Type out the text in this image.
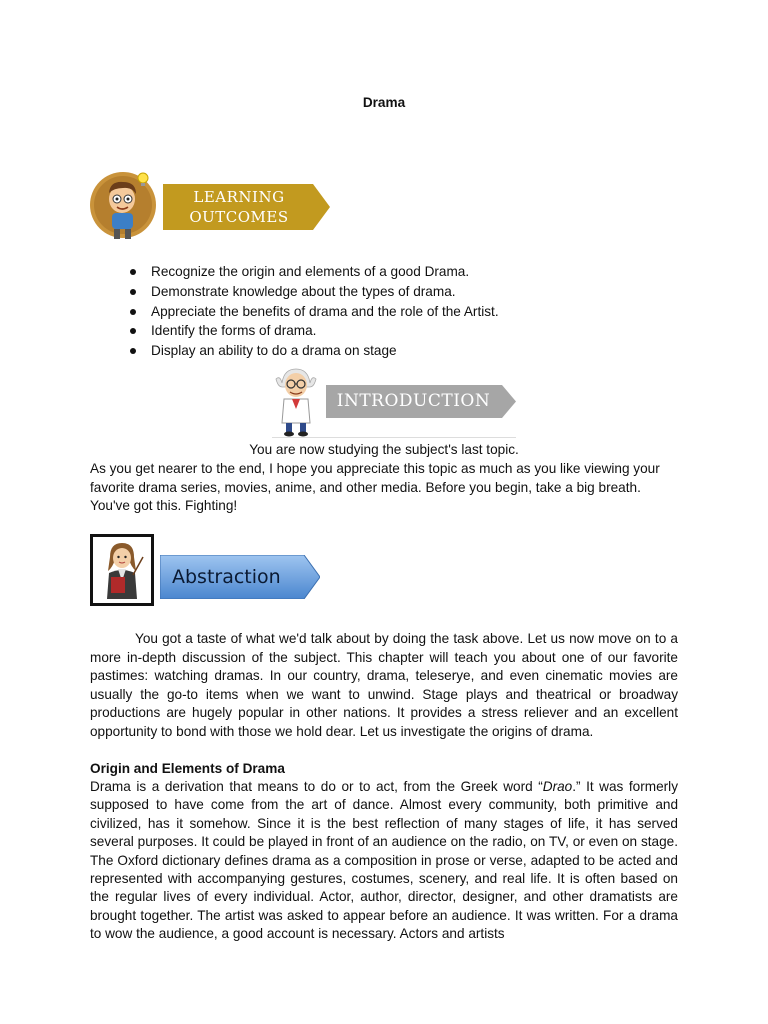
Drama
LEARNING
OUTCOMES
Recognize the origin and elements of a good Drama.
Demonstrate knowledge about the types of drama.
Appreciate the benefits of drama and the role of the Artist.
Identify the forms of drama.
Display an ability to do a drama on stage
INTRODUCTION
You are now studying the subject's last topic.
As you get nearer to the end, I hope you appreciate this topic as much as you like viewing your favorite drama series, movies, anime, and other media. Before you begin, take a big breath. You've got this. Fighting!
Abstraction
You got a taste of what we'd talk about by doing the task above. Let us now move on to a more in-depth discussion of the subject. This chapter will teach you about one of our favorite pastimes: watching dramas. In our country, drama, teleserye, and even cinematic movies are usually the go-to items when we want to unwind. Stage plays and theatrical or broadway productions are hugely popular in other nations. It provides a stress reliever and an excellent opportunity to bond with those we hold dear. Let us investigate the origins of drama.
Origin and Elements of Drama
Drama is a derivation that means to do or to act, from the Greek word “Drao.” It was formerly supposed to have come from the art of dance. Almost every community, both primitive and civilized, has it somehow. Since it is the best reflection of many stages of life, it has served several purposes. It could be played in front of an audience on the radio, on TV, or even on stage. The Oxford dictionary defines drama as a composition in prose or verse, adapted to be acted and represented with accompanying gestures, costumes, scenery, and real life. It is often based on the regular lives of every individual. Actor, author, director, designer, and other dramatists are brought together. The artist was asked to appear before an audience. It was written. For a drama to wow the audience, a good account is necessary. Actors and artists
